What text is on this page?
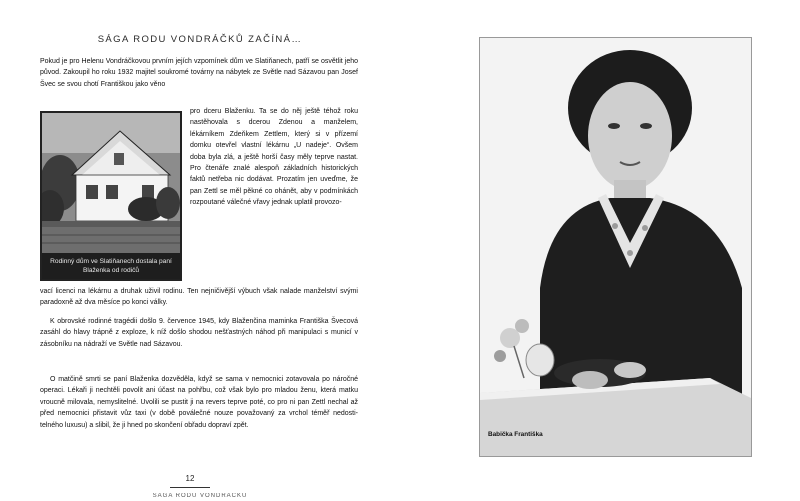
SÁGA RODU VONDRÁČKŮ ZAČÍNÁ…

Pokud je pro Helenu Vondráčkovou prvním jejích vzpomínek dům ve Slatiňanech, patří se osvětlit jeho původ. Zakoupil ho roku 1932 majitel soukromé továrny na nábytek ze Světle nad Sázavou pan Josef Švec se svou chotí Františkou jako věno

Rodinný dům ve Slatiňanech dostala paní Blaženka od rodičů

pro dceru Blaženku. Ta se do něj ještě téhož roku nastěhovala s dcerou Zdenou a manželem, lékárníkem Zdeňkem Zettlem, který si v přízemí domku otevřel vlastní lékárnu „U nadeje“. Ovšem doba byla zlá, a ještě horší časy měly teprve nastat. Pro čtenáře znalé alespoň základních historických faktů netřeba nic dodávat. Prozatím jen uveďme, že pan Zettl se měl pěkné co ohánět, aby v podmínkách rozpoutané válečné vřavy jednak uplatil provozo-

vací licenci na lékárnu a druhak uživil rodinu. Ten nejničivější výbuch však nalade manželství svými paradoxně až dva měsíce po konci války.

K obrovské rodinné tragédii došlo 9. července 1945, kdy Blaženčina maminka Františka Švecová zasáhl do hlavy trápně z exploze, k níž došlo shodou nešťastných náhod při manipulaci s municí v zásobníku na nádraží ve Světle nad Sázavou.

O matčině smrti se paní Blaženka dozvěděla, když se sama v nemocnici zotavovala po náročné operaci. Lékaři ji nechtěli povolit ani účast na pohřbu, což však bylo pro mladou ženu, která matku vroucně milovala, nemyslitelné. Uvolili se pustit ji na revers teprve poté, co pro ni pan Zettl nechal až před nemocnici přistavit vůz taxi (v době poválečné nouze považovaný za vrchol téměř nedosti-telného luxusu) a slibil, že ji hned po skončení obřadu dopraví zpět.

12
SÁGA RODU VONDRÁČKŮ
Babička Františka
